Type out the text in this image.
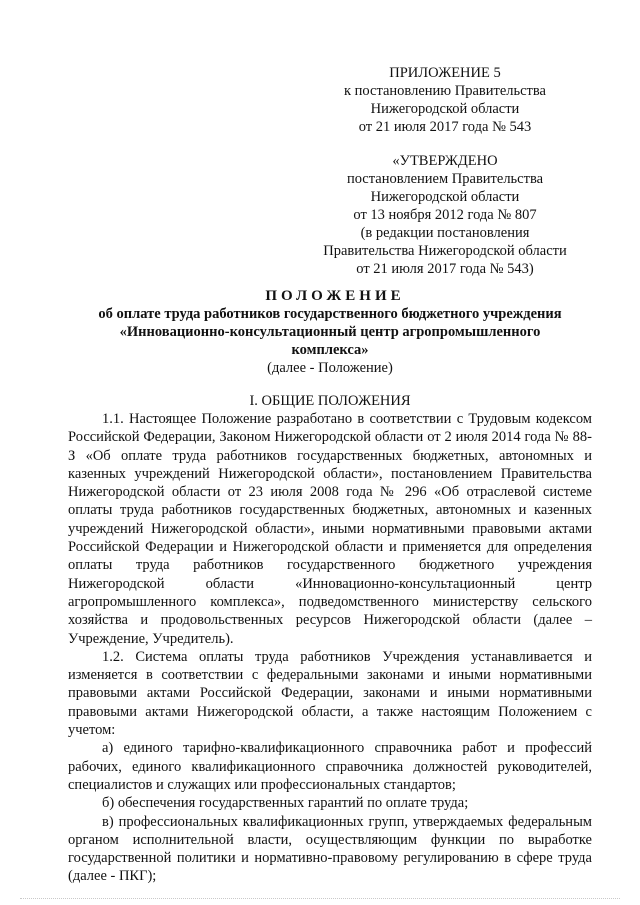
ПРИЛОЖЕНИЕ 5
к постановлению Правительства
Нижегородской области
от 21 июля 2017 года № 543
«УТВЕРЖДЕНО
постановлением Правительства
Нижегородской области
от 13 ноября 2012 года № 807
(в редакции постановления
Правительства Нижегородской области
от 21 июля 2017 года № 543)
ПОЛОЖЕНИЕ
об оплате труда работников государственного бюджетного учреждения
«Инновационно-консультационный центр агропромышленного
комплекса»
(далее - Положение)
I. ОБЩИЕ ПОЛОЖЕНИЯ

1.1. Настоящее Положение разработано в соответствии с Трудовым кодексом Российской Федерации, Законом Нижегородской области от 2 июля 2014 года № 88-З «Об оплате труда работников государственных бюджетных, автономных и казенных учреждений Нижегородской области», постановлением Правительства Нижегородской области от 23 июля 2008 года № 296 «Об отраслевой системе оплаты труда работников государственных бюджетных, автономных и казенных учреждений Нижегородской области», иными нормативными правовыми актами Российской Федерации и Нижегородской области и применяется для определения оплаты труда работников государственного бюджетного учреждения Нижегородской области «Инновационно-консультационный центр агропромышленного комплекса», подведомственного министерству сельского хозяйства и продовольственных ресурсов Нижегородской области (далее – Учреждение, Учредитель).

1.2. Система оплаты труда работников Учреждения устанавливается и изменяется в соответствии с федеральными законами и иными нормативными правовыми актами Российской Федерации, законами и иными нормативными правовыми актами Нижегородской области, а также настоящим Положением с учетом:

а) единого тарифно-квалификационного справочника работ и профессий рабочих, единого квалификационного справочника должностей руководителей, специалистов и служащих или профессиональных стандартов;

б) обеспечения государственных гарантий по оплате труда;

в) профессиональных квалификационных групп, утверждаемых федеральным органом исполнительной власти, осуществляющим функции по выработке государственной политики и нормативно-правовому регулированию в сфере труда (далее - ПКГ);
